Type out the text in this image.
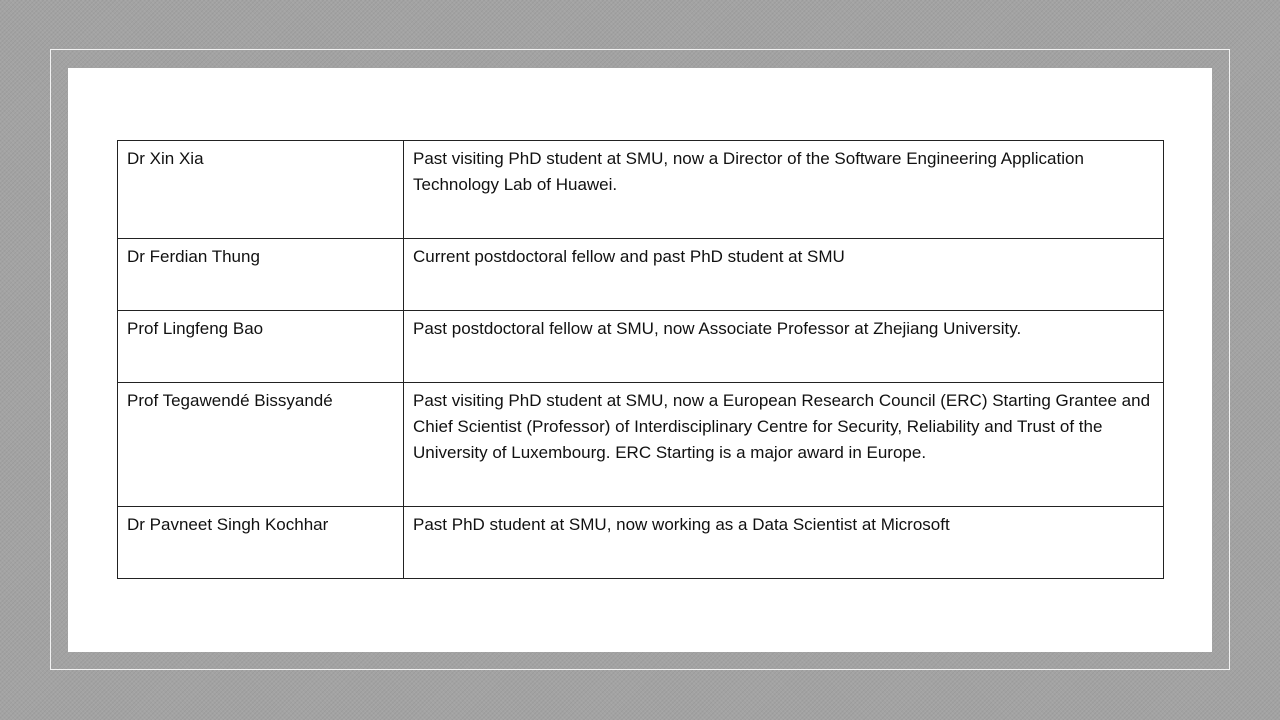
Dr Xin Xia	Past visiting PhD student at SMU, now a Director of the Software Engineering Application Technology Lab of Huawei.
Dr Ferdian Thung	Current postdoctoral fellow and past PhD student at SMU
Prof Lingfeng Bao	Past postdoctoral fellow at SMU, now Associate Professor at Zhejiang University.
Prof Tegawendé Bissyandé	Past visiting PhD student at SMU, now a European Research Council (ERC) Starting Grantee and Chief Scientist (Professor) of Interdisciplinary Centre for Security, Reliability and Trust of the University of Luxembourg. ERC Starting is a major award in Europe.
Dr Pavneet Singh Kochhar	Past PhD student at SMU, now working as a Data Scientist at Microsoft
